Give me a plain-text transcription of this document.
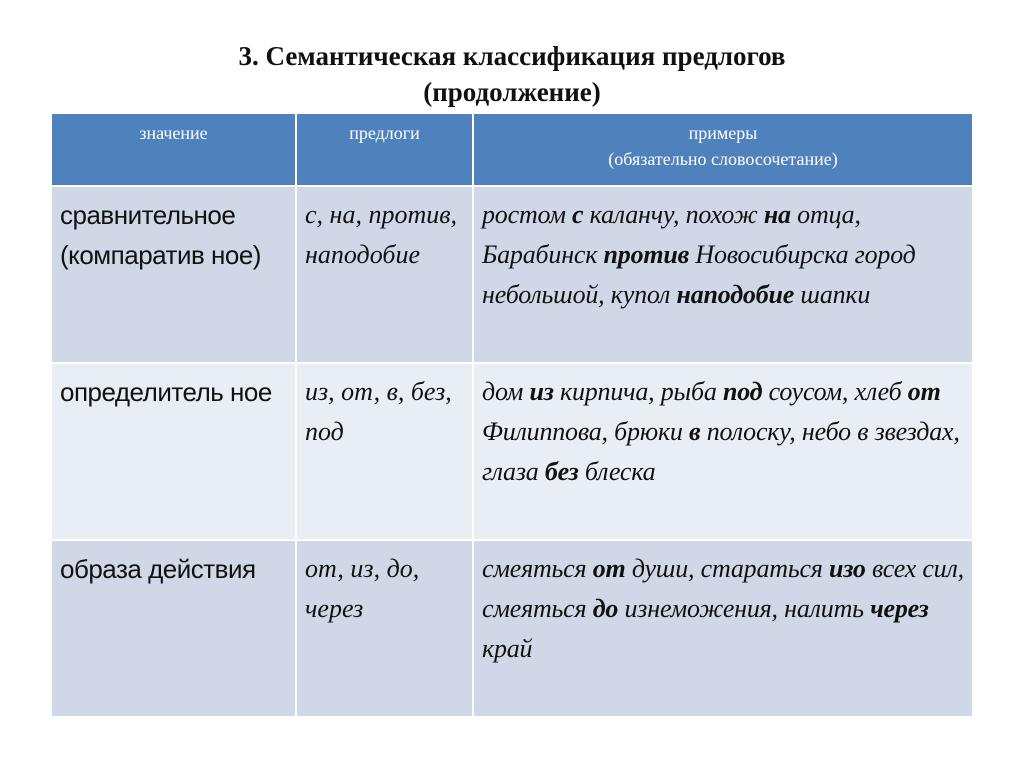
3. Семантическая классификация предлогов
(продолжение)
значение	предлоги	примеры
(обязательно словосочетание)

сравнительное (компаратив ное)	с, на, против, наподобие	ростом с каланчу, похож на отца, Барабинск против Новосибирска город небольшой, купол наподобие шапки
определитель ное	из, от, в, без, под	дом из кирпича, рыба под соусом, хлеб от Филиппова, брюки в полоску, небо в звездах, глаза без блеска
образа действия	от, из, до, через	смеяться от души, стараться изо всех сил, смеяться до изнеможения, налить через край
